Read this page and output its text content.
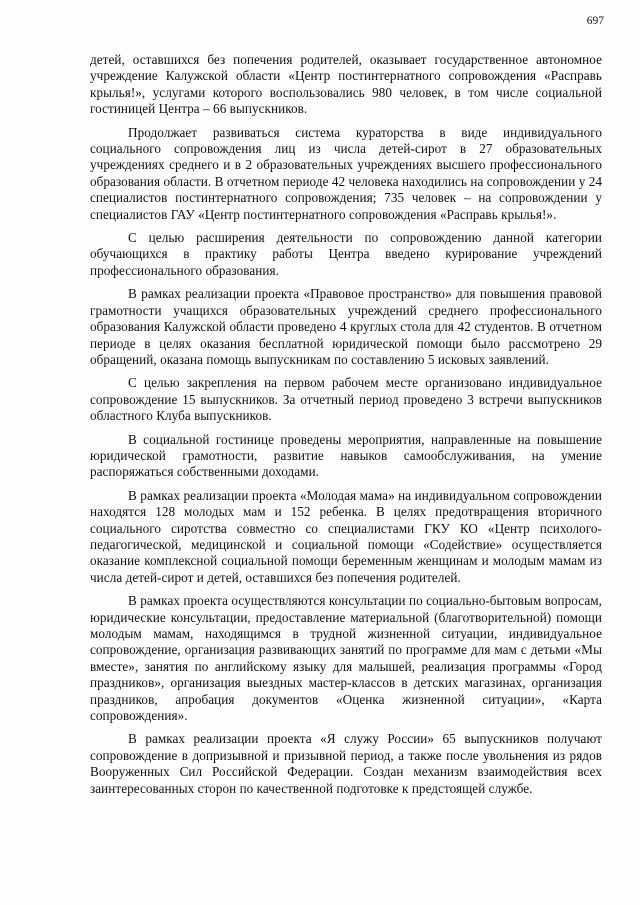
697

детей, оставшихся без попечения родителей, оказывает государственное автономное учреждение Калужской области «Центр постинтернатного сопровождения «Расправь крылья!», услугами которого воспользовались 980 человек, в том числе социальной гостиницей Центра – 66 выпускников.

Продолжает развиваться система кураторства в виде индивидуального социального сопровождения лиц из числа детей-сирот в 27 образовательных учреждениях среднего и в 2 образовательных учреждениях высшего профессионального образования области. В отчетном периоде 42 человека находились на сопровождении у 24 специалистов постинтернатного сопровождения; 735 человек – на сопровождении у специалистов ГАУ «Центр постинтернатного сопровождения «Расправь крылья!».

С целью расширения деятельности по сопровождению данной категории обучающихся в практику работы Центра введено курирование учреждений профессионального образования.

В рамках реализации проекта «Правовое пространство» для повышения правовой грамотности учащихся образовательных учреждений среднего профессионального образования Калужской области проведено 4 круглых стола для 42 студентов. В отчетном периоде в целях оказания бесплатной юридической помощи было рассмотрено 29 обращений, оказана помощь выпускникам по составлению 5 исковых заявлений.

С целью закрепления на первом рабочем месте организовано индивидуальное сопровождение 15 выпускников. За отчетный период проведено 3 встречи выпускников областного Клуба выпускников.

В социальной гостинице проведены мероприятия, направленные на повышение юридической грамотности, развитие навыков самообслуживания, на умение распоряжаться собственными доходами.

В рамках реализации проекта «Молодая мама» на индивидуальном сопровождении находятся 128 молодых мам и 152 ребенка. В целях предотвращения вторичного социального сиротства совместно со специалистами ГКУ КО «Центр психолого-педагогической, медицинской и социальной помощи «Содействие» осуществляется оказание комплексной социальной помощи беременным женщинам и молодым мамам из числа детей-сирот и детей, оставшихся без попечения родителей.

В рамках проекта осуществляются консультации по социально-бытовым вопросам, юридические консультации, предоставление материальной (благотворительной) помощи молодым мамам, находящимся в трудной жизненной ситуации, индивидуальное сопровождение, организация развивающих занятий по программе для мам с детьми «Мы вместе», занятия по английскому языку для малышей, реализация программы «Город праздников», организация выездных мастер-классов в детских магазинах, организация праздников, апробация документов «Оценка жизненной ситуации», «Карта сопровождения».

В рамках реализации проекта «Я служу России» 65 выпускников получают сопровождение в допризывной и призывной период, а также после увольнения из рядов Вооруженных Сил Российской Федерации. Создан механизм взаимодействия всех заинтересованных сторон по качественной подготовке к предстоящей службе.
